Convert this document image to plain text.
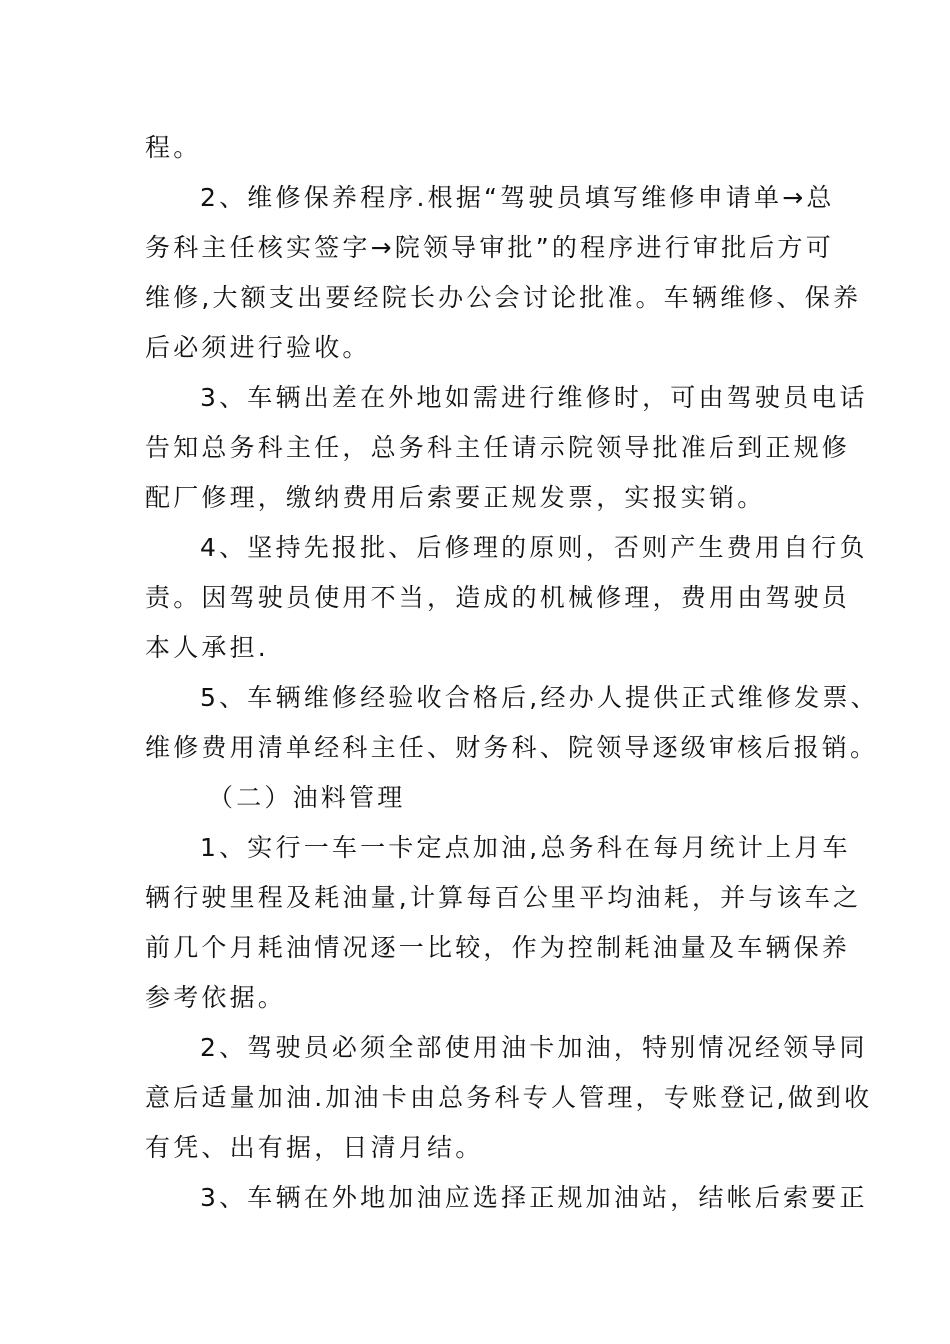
程。
2、维修保养程序.根据“驾驶员填写维修申请单→总
务科主任核实签字→院领导审批”的程序进行审批后方可
维修,大额支出要经院长办公会讨论批准。车辆维修、保养
后必须进行验收。
3、车辆出差在外地如需进行维修时，可由驾驶员电话
告知总务科主任，总务科主任请示院领导批准后到正规修
配厂修理，缴纳费用后索要正规发票，实报实销。
4、坚持先报批、后修理的原则，否则产生费用自行负
责。因驾驶员使用不当，造成的机械修理，费用由驾驶员
本人承担.
5、车辆维修经验收合格后,经办人提供正式维修发票、
维修费用清单经科主任、财务科、院领导逐级审核后报销。
（二）油料管理
1、实行一车一卡定点加油,总务科在每月统计上月车
辆行驶里程及耗油量,计算每百公里平均油耗，并与该车之
前几个月耗油情况逐一比较，作为控制耗油量及车辆保养
参考依据。
2、驾驶员必须全部使用油卡加油，特别情况经领导同
意后适量加油.加油卡由总务科专人管理，专账登记,做到收
有凭、出有据，日清月结。
3、车辆在外地加油应选择正规加油站，结帐后索要正
